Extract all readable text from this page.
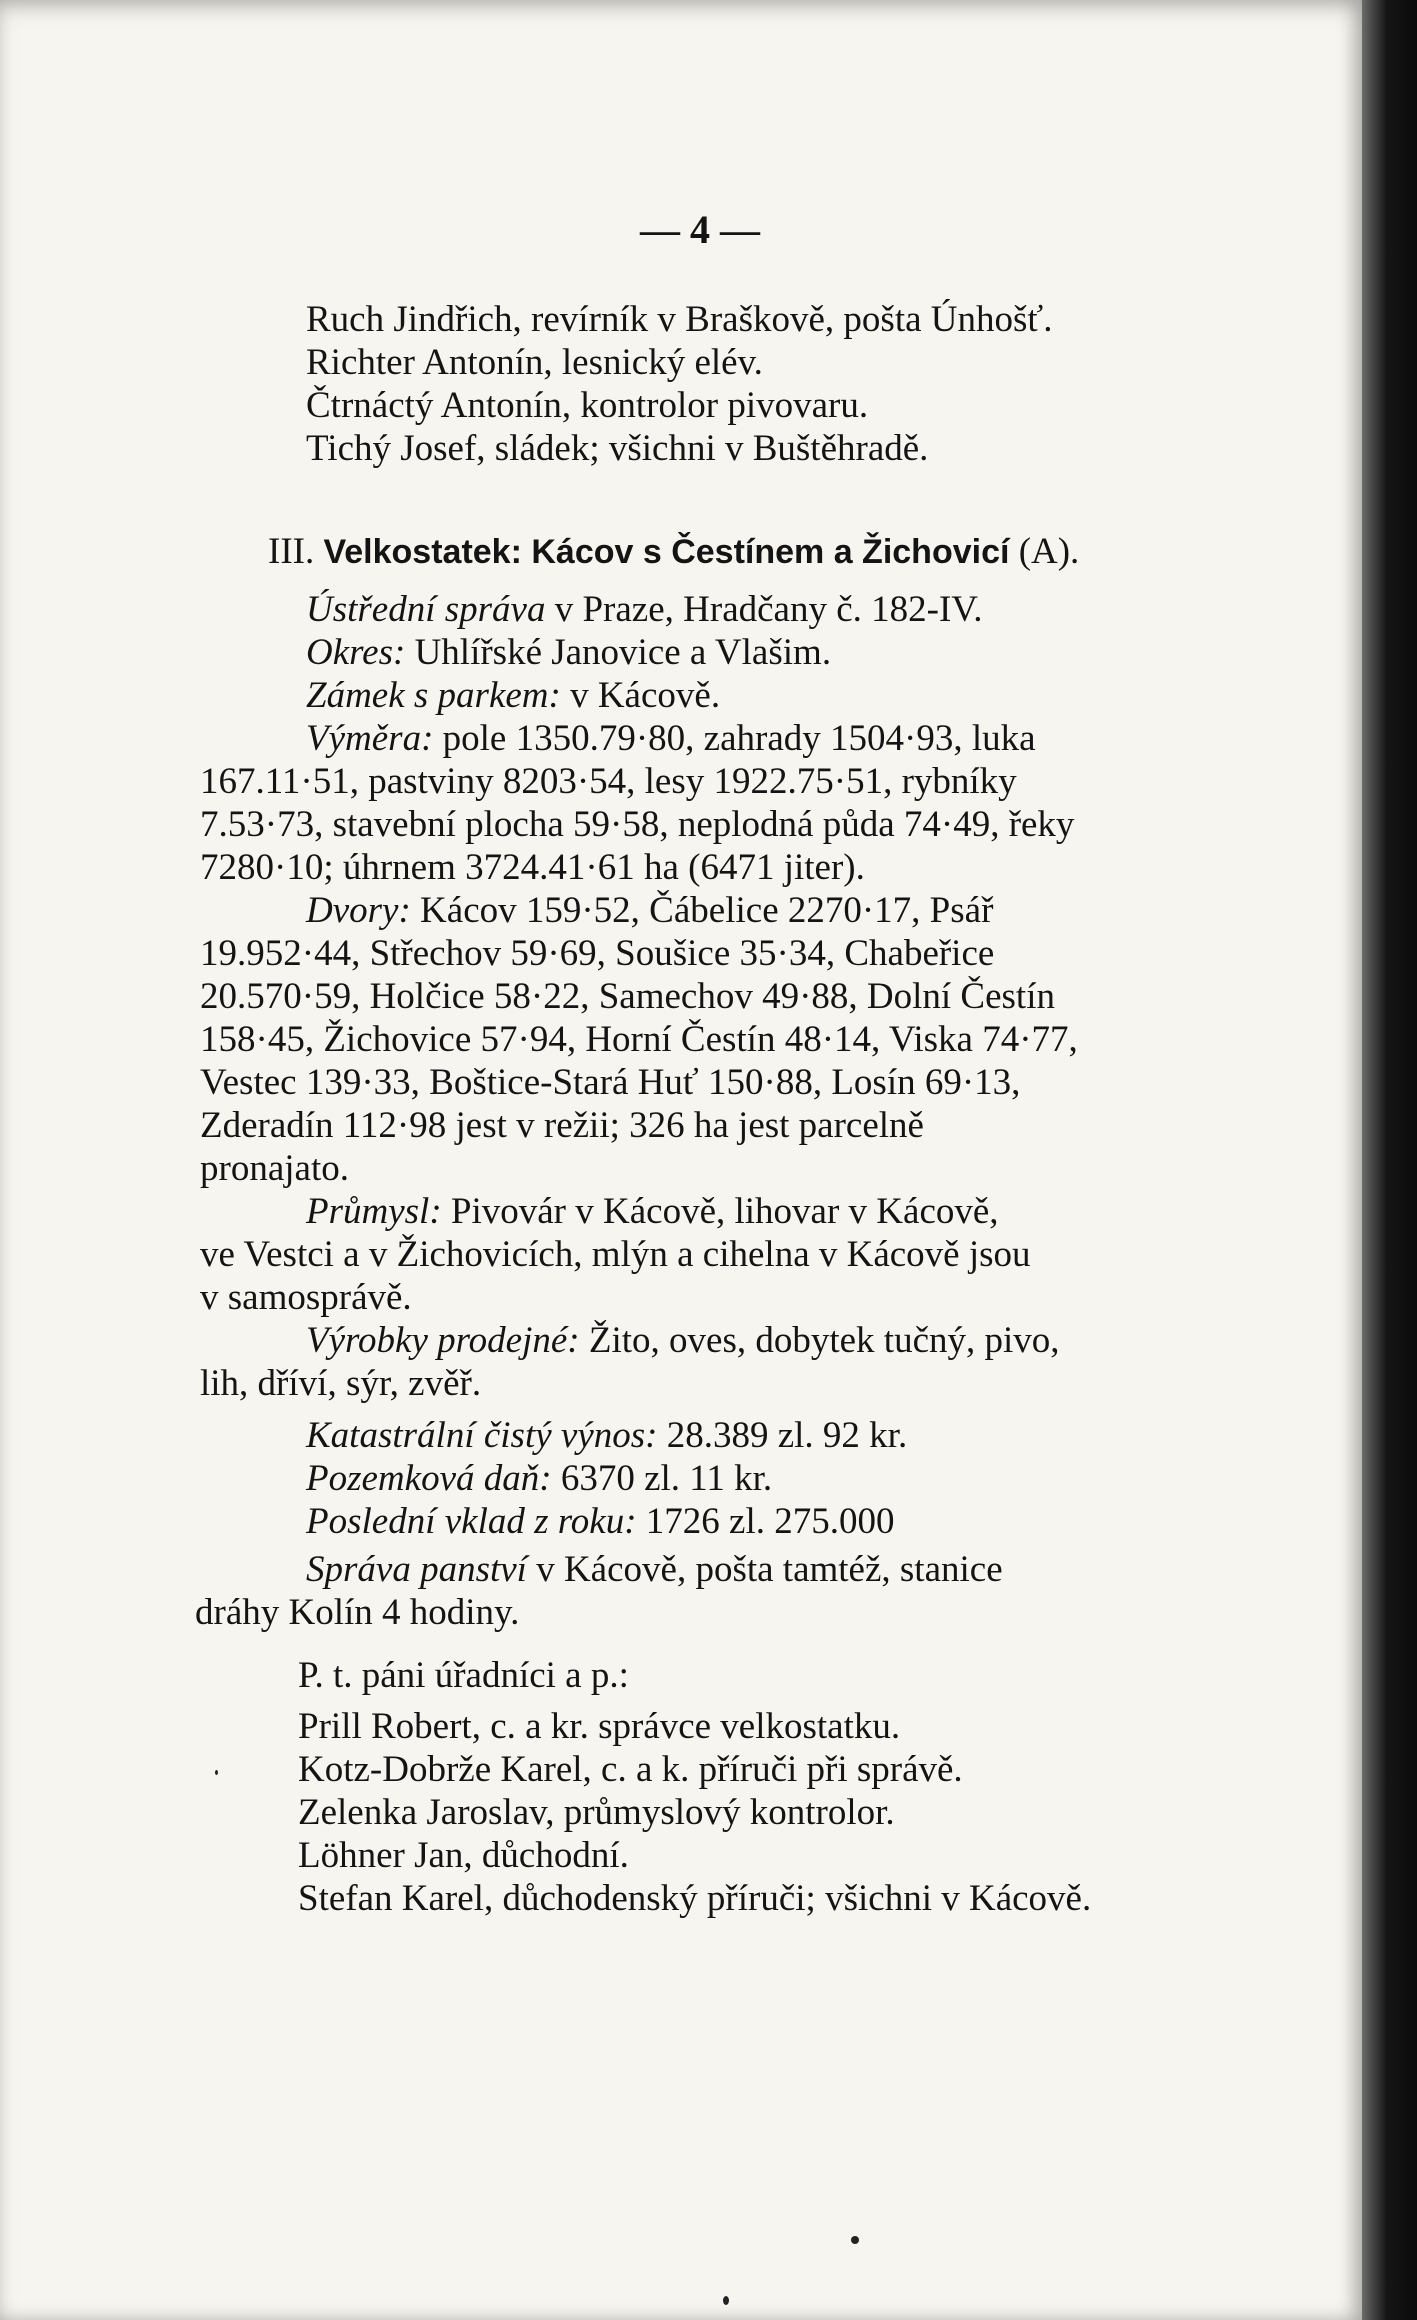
— 4 —
Ruch Jindřich, revírník v Braškově, pošta Únhošť.
Richter Antonín, lesnický elév.
Čtrnáctý Antonín, kontrolor pivovaru.
Tichý Josef, sládek; všichni v Buštěhradě.
III. Velkostatek: Kácov s Čestínem a Žichovicí (A).
Ústřední správa v Praze, Hradčany č. 182-IV.
Okres: Uhlířské Janovice a Vlašim.
Zámek s parkem: v Kácově.
Výměra: pole 1350.79·80, zahrady 1504·93, luka
167.11·51, pastviny 8203·54, lesy 1922.75·51, rybníky
7.53·73, stavební plocha 59·58, neplodná půda 74·49, řeky
7280·10; úhrnem 3724.41·61 ha (6471 jiter).
Dvory: Kácov 159·52, Čábelice 2270·17, Psář
19.952·44, Střechov 59·69, Soušice 35·34, Chabeřice
20.570·59, Holčice 58·22, Samechov 49·88, Dolní Čestín
158·45, Žichovice 57·94, Horní Čestín 48·14, Viska 74·77,
Vestec 139·33, Boštice-Stará Huť 150·88, Losín 69·13,
Zderadín 112·98 jest v režii; 326 ha jest parcelně
pronajato.
Průmysl: Pivovár v Kácově, lihovar v Kácově,
ve Vestci a v Žichovicích, mlýn a cihelna v Kácově jsou
v samosprávě.
Výrobky prodejné: Žito, oves, dobytek tučný, pivo,
lih, dříví, sýr, zvěř.
Katastrální čistý výnos: 28.389 zl. 92 kr.
Pozemková daň: 6370 zl. 11 kr.
Poslední vklad z roku: 1726 zl. 275.000
Správa panství v Kácově, pošta tamtéž, stanice
dráhy Kolín 4 hodiny.
P. t. páni úřadníci a p.:
Prill Robert, c. a kr. správce velkostatku.
Kotz-Dobrže Karel, c. a k. příruči při správě.
Zelenka Jaroslav, průmyslový kontrolor.
Löhner Jan, důchodní.
Stefan Karel, důchodenský příruči; všichni v Kácově.
